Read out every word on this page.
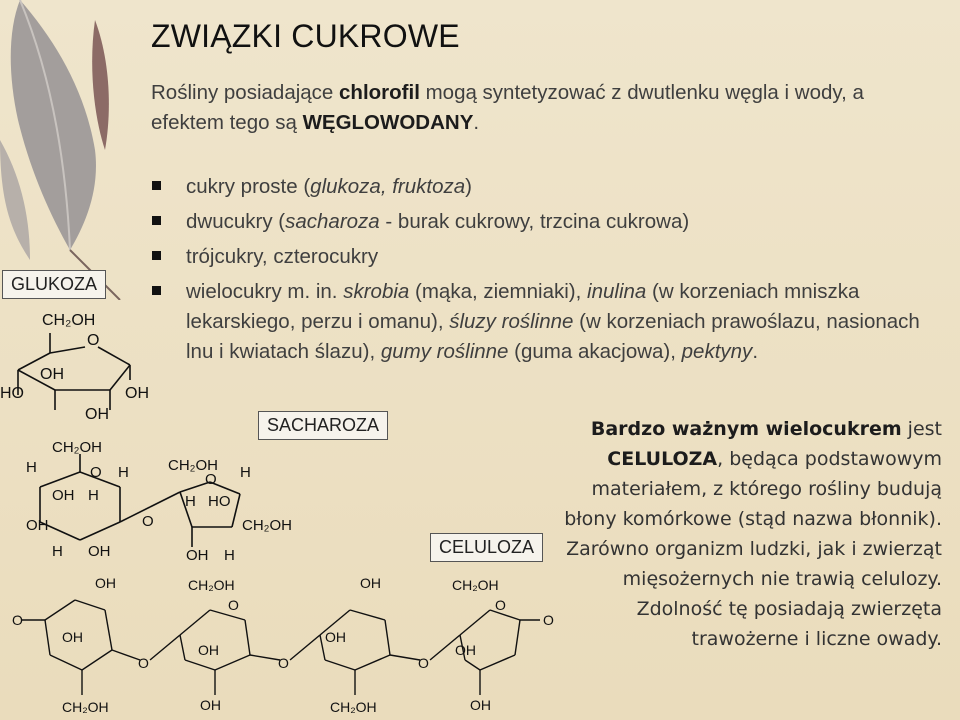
ZWIĄZKI CUKROWE
Rośliny posiadające chlorofil mogą syntetyzować z dwutlenku węgla i wody, a efektem tego są WĘGLOWODANY.
cukry proste (glukoza, fruktoza)
dwucukry (sacharoza - burak cukrowy, trzcina cukrowa)
trójcukry, czterocukry
wielocukry m. in. skrobia (mąka, ziemniaki), inulina (w korzeniach mniszka lekarskiego, perzu i omanu), śluzy roślinne (w korzeniach prawoślazu, nasionach lnu i kwiatach ślazu), gumy roślinne (guma akacjowa), pektyny.
GLUKOZA
SACHAROZA
CELULOZA
CH₂OH
O
OH
HO	OH
OH
CH₂OH
H	O H
OH H
OH
H OH
O
CH₂OH
O H
H HO
CH₂OH
OH H
O
OH	CH₂OH
O
OH	CH₂OH
O
O
OH
OH
OH
OH
O	O	O
CH₂OH	OH	CH₂OH	OH
Bardzo ważnym wielocukrem jest CELULOZA, będąca podstawowym materiałem, z którego rośliny budują błony komórkowe (stąd nazwa błonnik). Zarówno organizm ludzki, jak i zwierząt mięsożernych nie trawią celulozy. Zdolność tę posiadają zwierzęta trawożerne i liczne owady.
